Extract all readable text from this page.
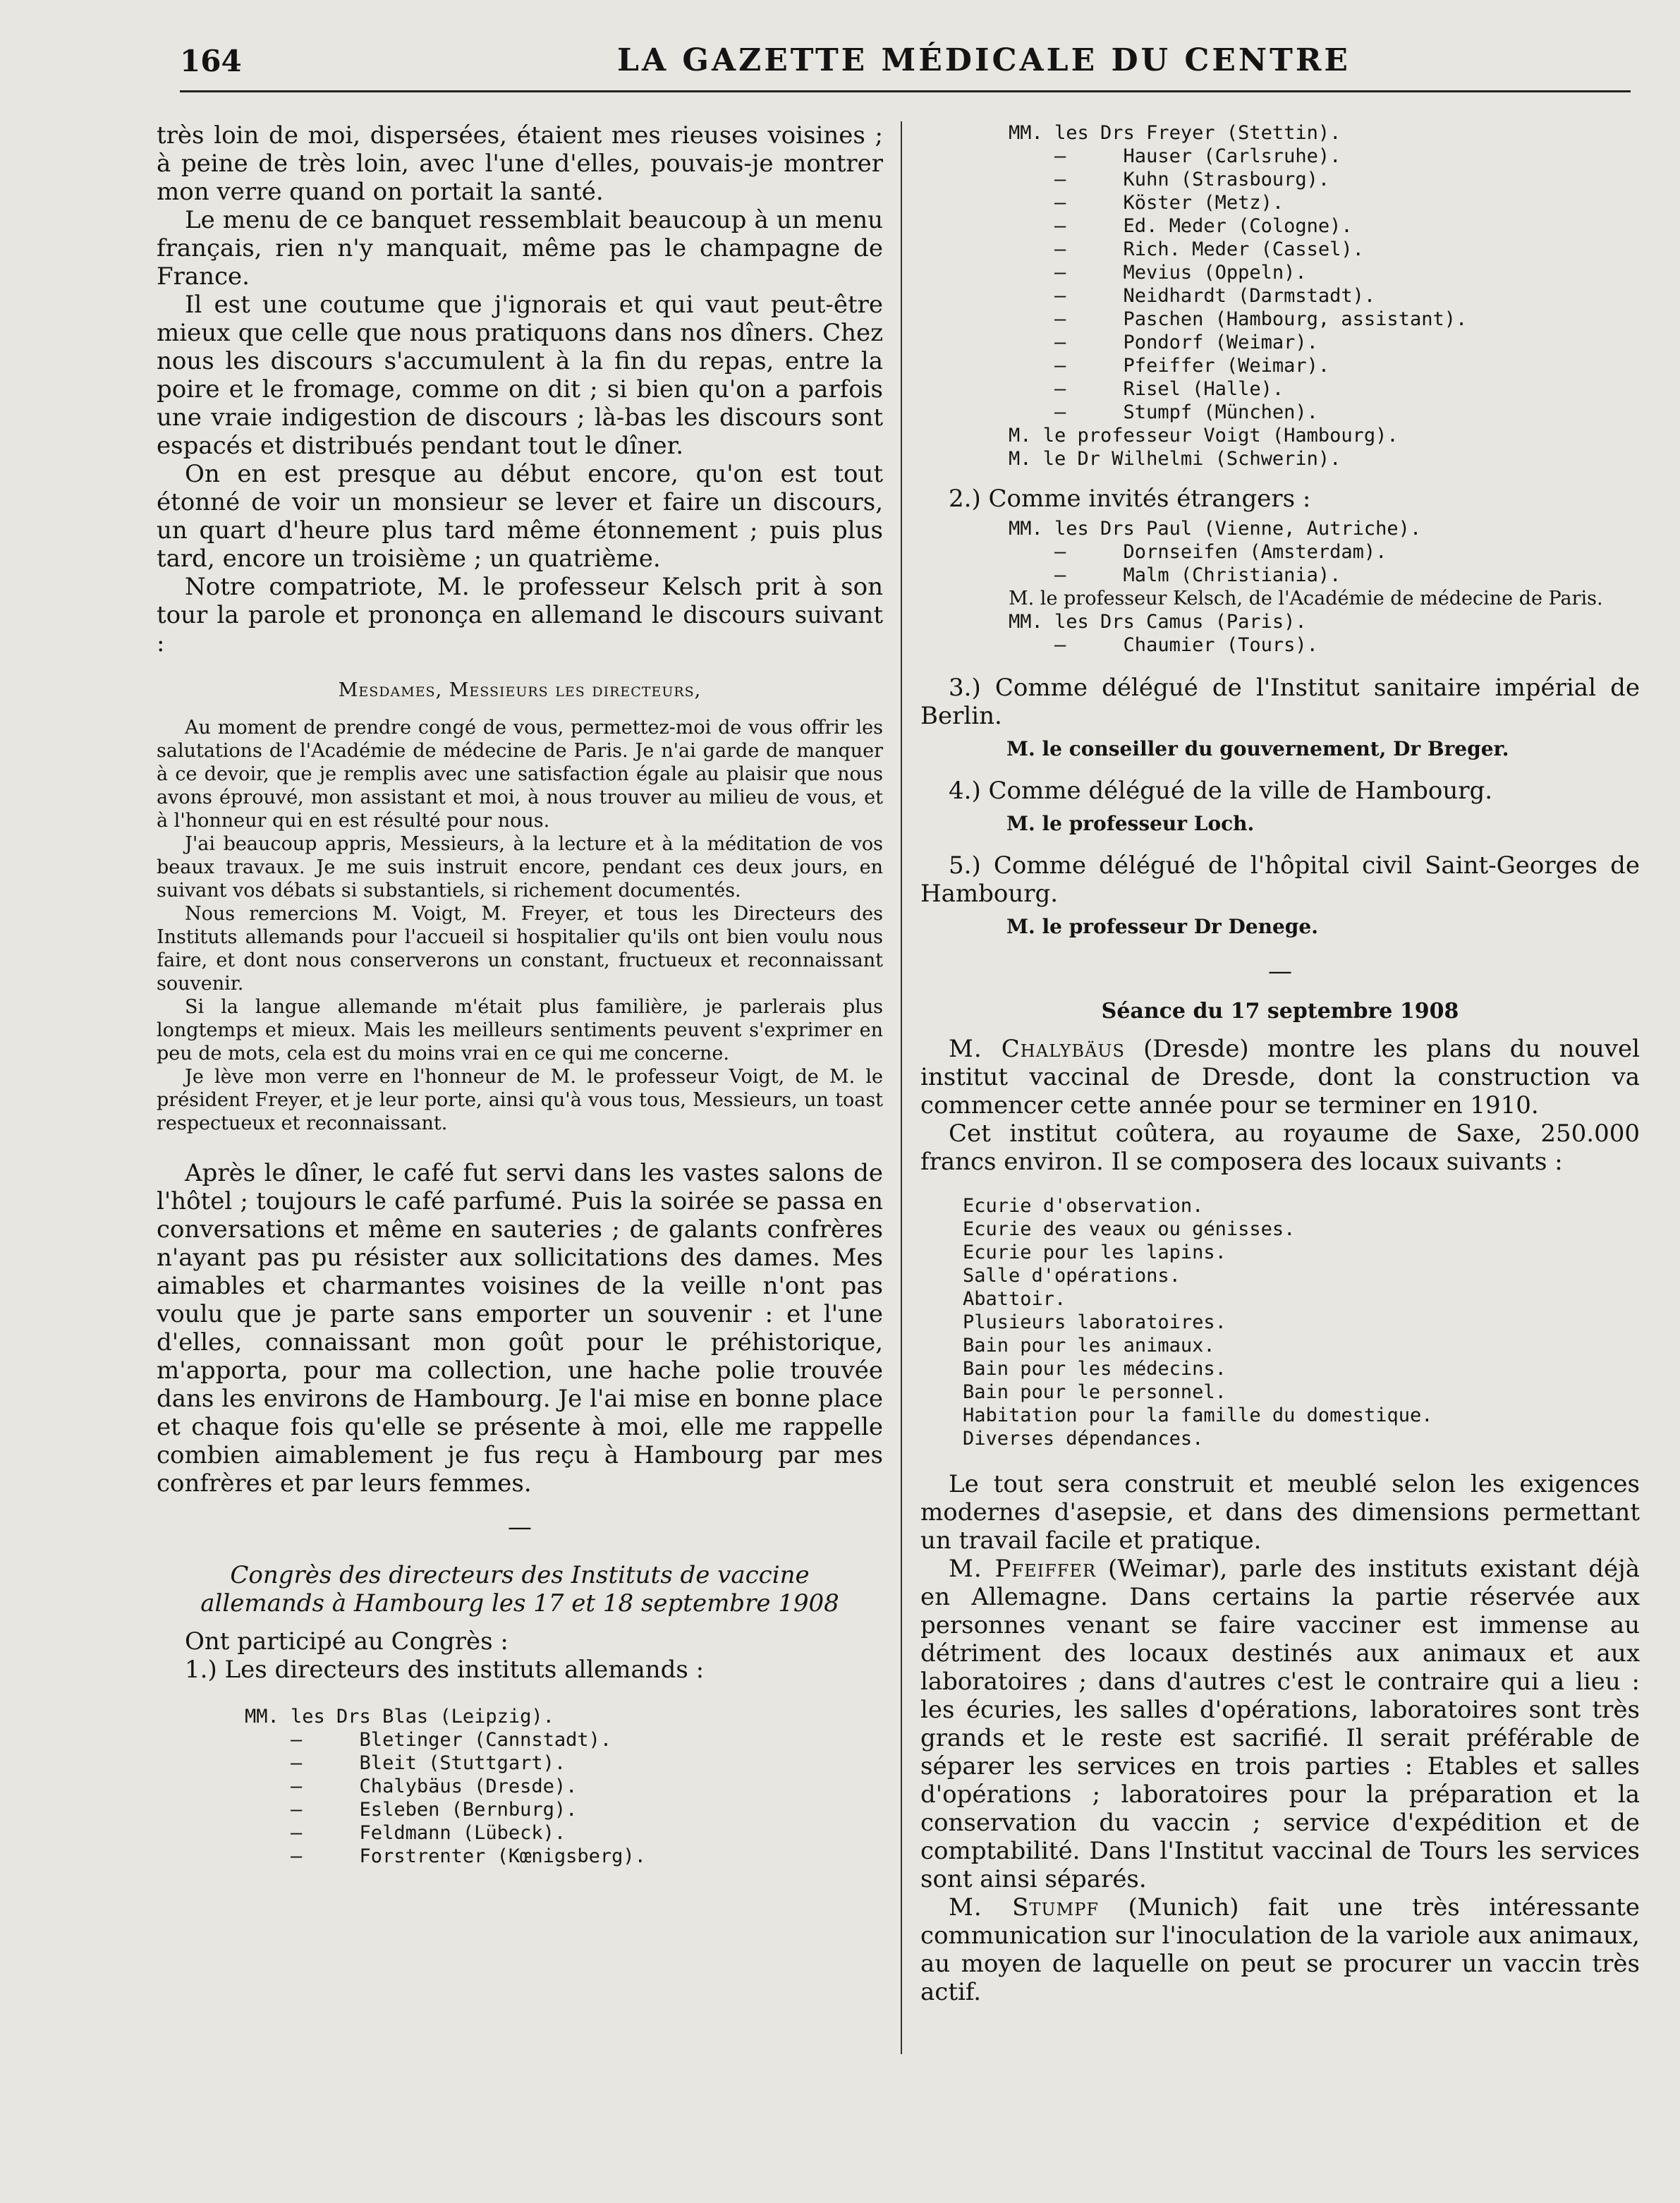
164	LA GAZETTE MÉDICALE DU CENTRE

très loin de moi, dispersées, étaient mes rieuses voisines ; à peine de très loin, avec l'une d'elles, pouvais-je montrer mon verre quand on portait la santé.

Le menu de ce banquet ressemblait beaucoup à un menu français, rien n'y manquait, même pas le champagne de France.

Il est une coutume que j'ignorais et qui vaut peut-être mieux que celle que nous pratiquons dans nos dîners. Chez nous les discours s'accumulent à la fin du repas, entre la poire et le fromage, comme on dit ; si bien qu'on a parfois une vraie indigestion de discours ; là-bas les discours sont espacés et distribués pendant tout le dîner.

On en est presque au début encore, qu'on est tout étonné de voir un monsieur se lever et faire un discours, un quart d'heure plus tard même étonnement ; puis plus tard, encore un troisième ; un quatrième.

Notre compatriote, M. le professeur Kelsch prit à son tour la parole et prononça en allemand le discours suivant :

Mesdames, Messieurs les directeurs,

Au moment de prendre congé de vous, permettez-moi de vous offrir les salutations de l'Académie de médecine de Paris. Je n'ai garde de manquer à ce devoir, que je remplis avec une satisfaction égale au plaisir que nous avons éprouvé, mon assistant et moi, à nous trouver au milieu de vous, et à l'honneur qui en est résulté pour nous.

J'ai beaucoup appris, Messieurs, à la lecture et à la méditation de vos beaux travaux. Je me suis instruit encore, pendant ces deux jours, en suivant vos débats si substantiels, si richement documentés.

Nous remercions M. Voigt, M. Freyer, et tous les Directeurs des Instituts allemands pour l'accueil si hospitalier qu'ils ont bien voulu nous faire, et dont nous conserverons un constant, fructueux et reconnaissant souvenir.

Si la langue allemande m'était plus familière, je parlerais plus longtemps et mieux. Mais les meilleurs sentiments peuvent s'exprimer en peu de mots, cela est du moins vrai en ce qui me concerne.

Je lève mon verre en l'honneur de M. le professeur Voigt, de M. le président Freyer, et je leur porte, ainsi qu'à vous tous, Messieurs, un toast respectueux et reconnaissant.

Après le dîner, le café fut servi dans les vastes salons de l'hôtel ; toujours le café parfumé. Puis la soirée se passa en conversations et même en sauteries ; de galants confrères n'ayant pas pu résister aux sollicitations des dames. Mes aimables et charmantes voisines de la veille n'ont pas voulu que je parte sans emporter un souvenir : et l'une d'elles, connaissant mon goût pour le préhistorique, m'apporta, pour ma collection, une hache polie trouvée dans les environs de Hambourg. Je l'ai mise en bonne place et chaque fois qu'elle se présente à moi, elle me rappelle combien aimablement je fus reçu à Hambourg par mes confrères et par leurs femmes.

—

Congrès des directeurs des Instituts de vaccine allemands à Hambourg les 17 et 18 septembre 1908

Ont participé au Congrès :

1.) Les directeurs des instituts allemands :

MM. les Drs Blas (Leipzig).
—     Bletinger (Cannstadt).
—     Bleit (Stuttgart).
—     Chalybäus (Dresde).
—     Esleben (Bernburg).
—     Feldmann (Lübeck).
—     Forstrenter (Kœnigsberg).
MM. les Drs Freyer (Stettin).
—     Hauser (Carlsruhe).
—     Kuhn (Strasbourg).
—     Köster (Metz).
—     Ed. Meder (Cologne).
—     Rich. Meder (Cassel).
—     Mevius (Oppeln).
—     Neidhardt (Darmstadt).
—     Paschen (Hambourg, assistant).
—     Pondorf (Weimar).
—     Pfeiffer (Weimar).
—     Risel (Halle).
—     Stumpf (München).
M. le professeur Voigt (Hambourg).
M. le Dr Wilhelmi (Schwerin).

2.) Comme invités étrangers :

MM. les Drs Paul (Vienne, Autriche).
—     Dornseifen (Amsterdam).
—     Malm (Christiania).

M. le professeur Kelsch, de l'Académie de médecine de Paris.

MM. les Drs Camus (Paris).
—     Chaumier (Tours).

3.) Comme délégué de l'Institut sanitaire impérial de Berlin.

M. le conseiller du gouvernement, Dr Breger.

4.) Comme délégué de la ville de Hambourg.

M. le professeur Loch.

5.) Comme délégué de l'hôpital civil Saint-Georges de Hambourg.

M. le professeur Dr Denege.

—

Séance du 17 septembre 1908

M. Chalybäus (Dresde) montre les plans du nouvel institut vaccinal de Dresde, dont la construction va commencer cette année pour se terminer en 1910.

Cet institut coûtera, au royaume de Saxe, 250.000 francs environ. Il se composera des locaux suivants :

Ecurie d'observation.
Ecurie des veaux ou génisses.
Ecurie pour les lapins.
Salle d'opérations.
Abattoir.
Plusieurs laboratoires.
Bain pour les animaux.
Bain pour les médecins.
Bain pour le personnel.
Habitation pour la famille du domestique.
Diverses dépendances.

Le tout sera construit et meublé selon les exigences modernes d'asepsie, et dans des dimensions permettant un travail facile et pratique.

M. Pfeiffer (Weimar), parle des instituts existant déjà en Allemagne. Dans certains la partie réservée aux personnes venant se faire vacciner est immense au détriment des locaux destinés aux animaux et aux laboratoires ; dans d'autres c'est le contraire qui a lieu : les écuries, les salles d'opérations, laboratoires sont très grands et le reste est sacrifié. Il serait préférable de séparer les services en trois parties : Etables et salles d'opérations ; laboratoires pour la préparation et la conservation du vaccin ; service d'expédition et de comptabilité. Dans l'Institut vaccinal de Tours les services sont ainsi séparés.

M. Stumpf (Munich) fait une très intéressante communication sur l'inoculation de la variole aux animaux, au moyen de laquelle on peut se procurer un vaccin très actif.
